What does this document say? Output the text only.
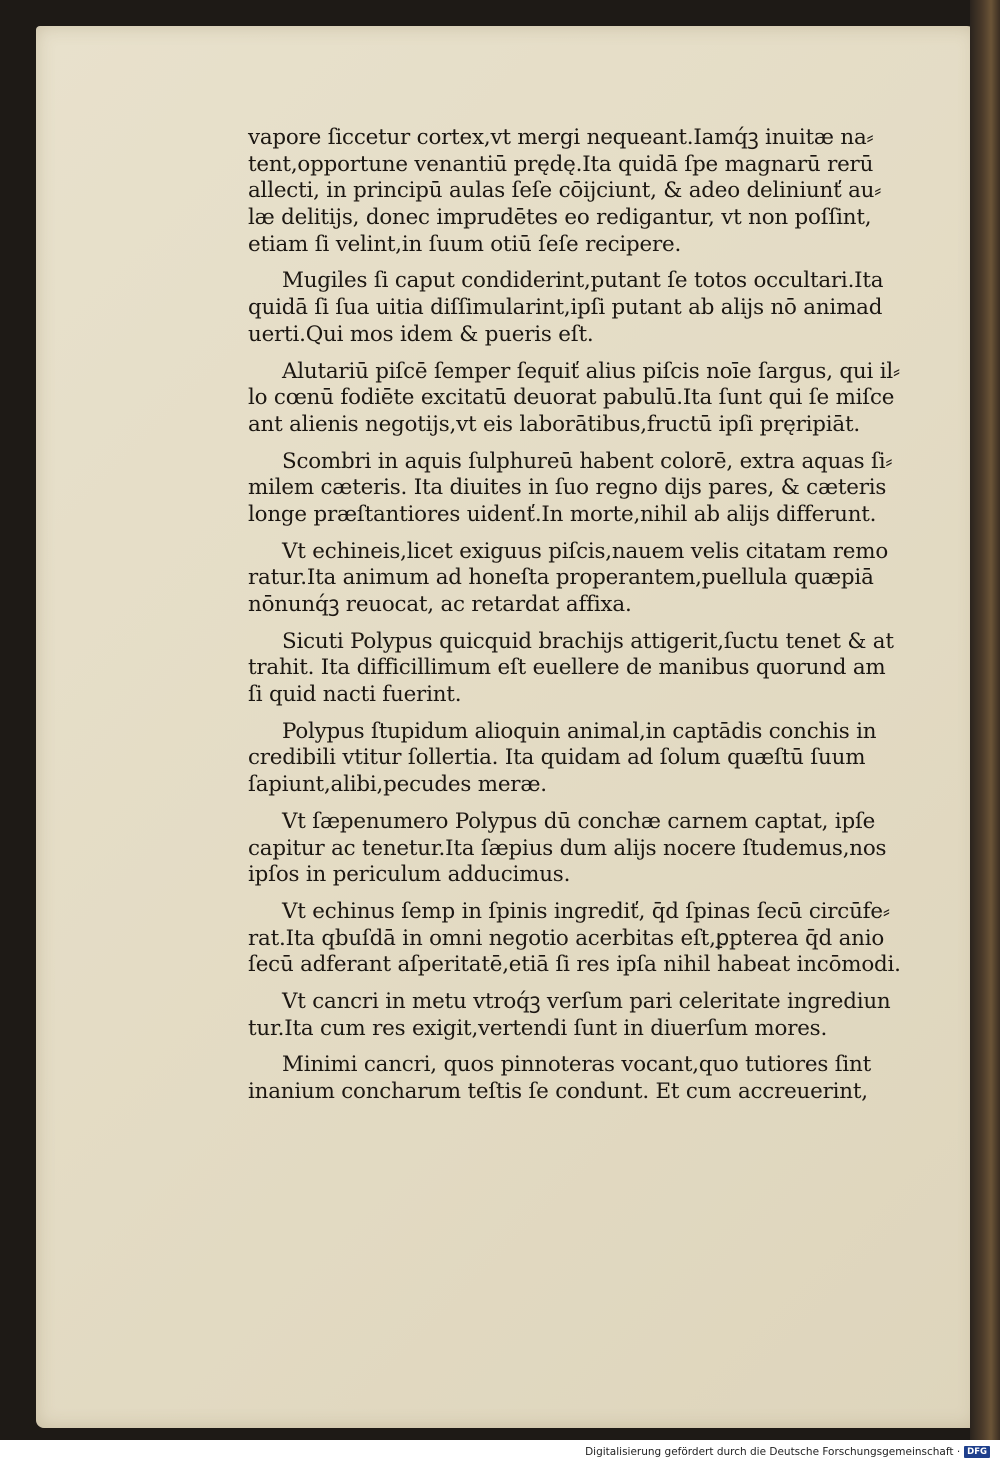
vapore ſiccetur cortex,vt mergi nequeant.Iamq́ꝫ inuitæ na⸗
tent,opportune venantiū prędę.Ita quidā ſpe magnarū rerū
allecti, in principū aulas ſeſe cōijciunt, & adeo deliniunť au⸗
læ delitijs, donec imprudētes eo redigantur, vt non poſſint,
etiam ſi velint,in ſuum otiū ſeſe recipere.
Mugiles ſi caput condiderint,putant ſe totos occultari.Ita
quidā ſi ſua uitia diſſimularint,ipſi putant ab alijs nō animad
uerti.Qui mos idem & pueris eſt.
Alutariū piſcē ſemper ſequiť alius piſcis noīe ſargus, qui il⸗
lo cœnū fodiēte excitatū deuorat pabulū.Ita ſunt qui ſe miſce
ant alienis negotijs,vt eis laborātibus,fructū ipſi pręripiāt.
Scombri in aquis ſulphureū habent colorē, extra aquas ſi⸗
milem cæteris. Ita diuites in ſuo regno dijs pares, & cæteris
longe præſtantiores uidenť.In morte,nihil ab alijs differunt.
Vt echineis,licet exiguus piſcis,nauem velis citatam remo
ratur.Ita animum ad honeſta properantem,puellula quæpiā
nōnunq́ꝫ reuocat, ac retardat affixa.
Sicuti Polypus quicquid brachijs attigerit,ſuctu tenet & at
trahit. Ita difficillimum eſt euellere de manibus quorund am
ſi quid nacti fuerint.
Polypus ſtupidum alioquin animal,in captādis conchis in
credibili vtitur ſollertia. Ita quidam ad ſolum quæſtū ſuum
ſapiunt,alibi,pecudes meræ.
Vt ſæpenumero Polypus dū conchæ carnem captat, ipſe
capitur ac tenetur.Ita ſæpius dum alijs nocere ſtudemus,nos
ipſos in periculum adducimus.
Vt echinus ſemp in ſpinis ingrediť, q̄d ſpinas ſecū circūfe⸗
rat.Ita qbuſdā in omni negotio acerbitas eſt,ꝑpterea q̄d anio
ſecū adferant aſperitatē,etiā ſi res ipſa nihil habeat incōmodi.
Vt cancri in metu vtroq́ꝫ verſum pari celeritate ingrediun
tur.Ita cum res exigit,vertendi ſunt in diuerſum mores.
Minimi cancri, quos pinnoteras vocant,quo tutiores ſint
inanium concharum teſtis ſe condunt. Et cum accreuerint,
Digitalisierung gefördert durch die Deutsche Forschungsgemeinschaft · DFG
